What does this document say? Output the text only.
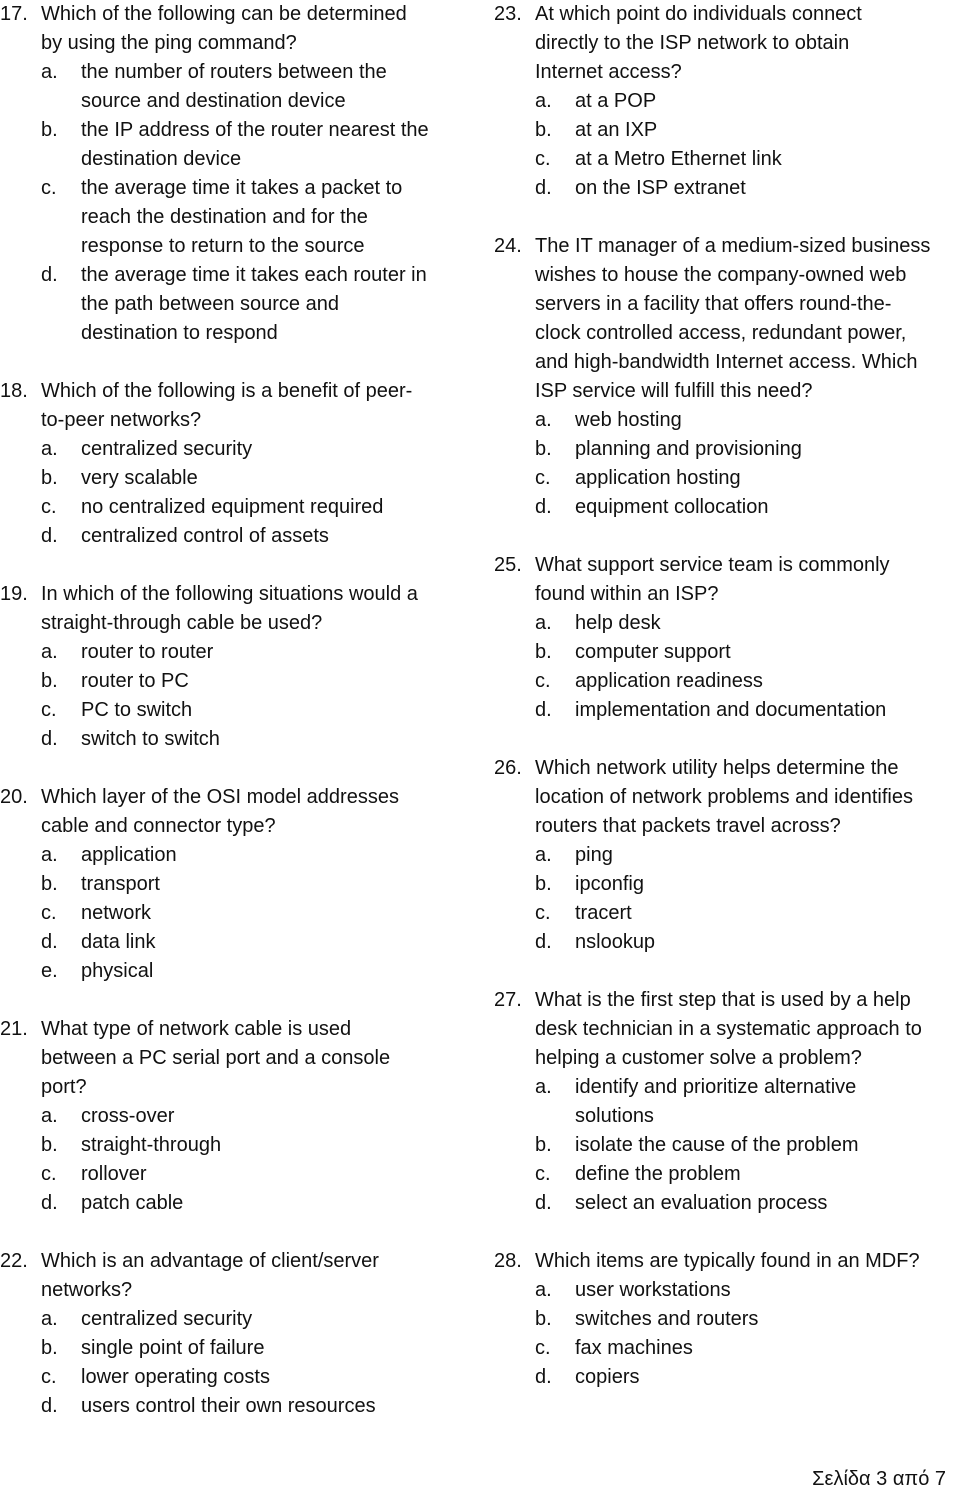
17. Which of the following can be determined
by using the ping command?
a.	the number of routers between the
source and destination device
b.	the IP address of the router nearest the
destination device
c.	the average time it takes a packet to
reach the destination and for the
response to return to the source
d.	the average time it takes each router in
the path between source and
destination to respond
18. Which of the following is a benefit of peer-
to-peer networks?
a.	centralized security
b.	very scalable
c.	no centralized equipment required
d.	centralized control of assets
19. In which of the following situations would a
straight-through cable be used?
a.	router to router
b.	router to PC
c.	PC to switch
d.	switch to switch
20. Which layer of the OSI model addresses
cable and connector type?
a.	application
b.	transport
c.	network
d.	data link
e.	physical
21. What type of network cable is used
between a PC serial port and a console
port?
a.	cross-over
b.	straight-through
c.	rollover
d.	patch cable
22. Which is an advantage of client/server
networks?
a.	centralized security
b.	single point of failure
c.	lower operating costs
d.	users control their own resources
23. At which point do individuals connect
directly to the ISP network to obtain
Internet access?
a.	at a POP
b.	at an IXP
c.	at a Metro Ethernet link
d.	on the ISP extranet
24. The IT manager of a medium-sized business
wishes to house the company-owned web
servers in a facility that offers round-the-
clock controlled access, redundant power,
and high-bandwidth Internet access. Which
ISP service will fulfill this need?
a.	web hosting
b.	planning and provisioning
c.	application hosting
d.	equipment collocation
25. What support service team is commonly
found within an ISP?
a.	help desk
b.	computer support
c.	application readiness
d.	implementation and documentation
26. Which network utility helps determine the
location of network problems and identifies
routers that packets travel across?
a.	ping
b.	ipconfig
c.	tracert
d.	nslookup
27. What is the first step that is used by a help
desk technician in a systematic approach to
helping a customer solve a problem?
a.	identify and prioritize alternative
solutions
b.	isolate the cause of the problem
c.	define the problem
d.	select an evaluation process
28. Which items are typically found in an MDF?
a.	user workstations
b.	switches and routers
c.	fax machines
d.	copiers
Σελίδα 3 από 7
